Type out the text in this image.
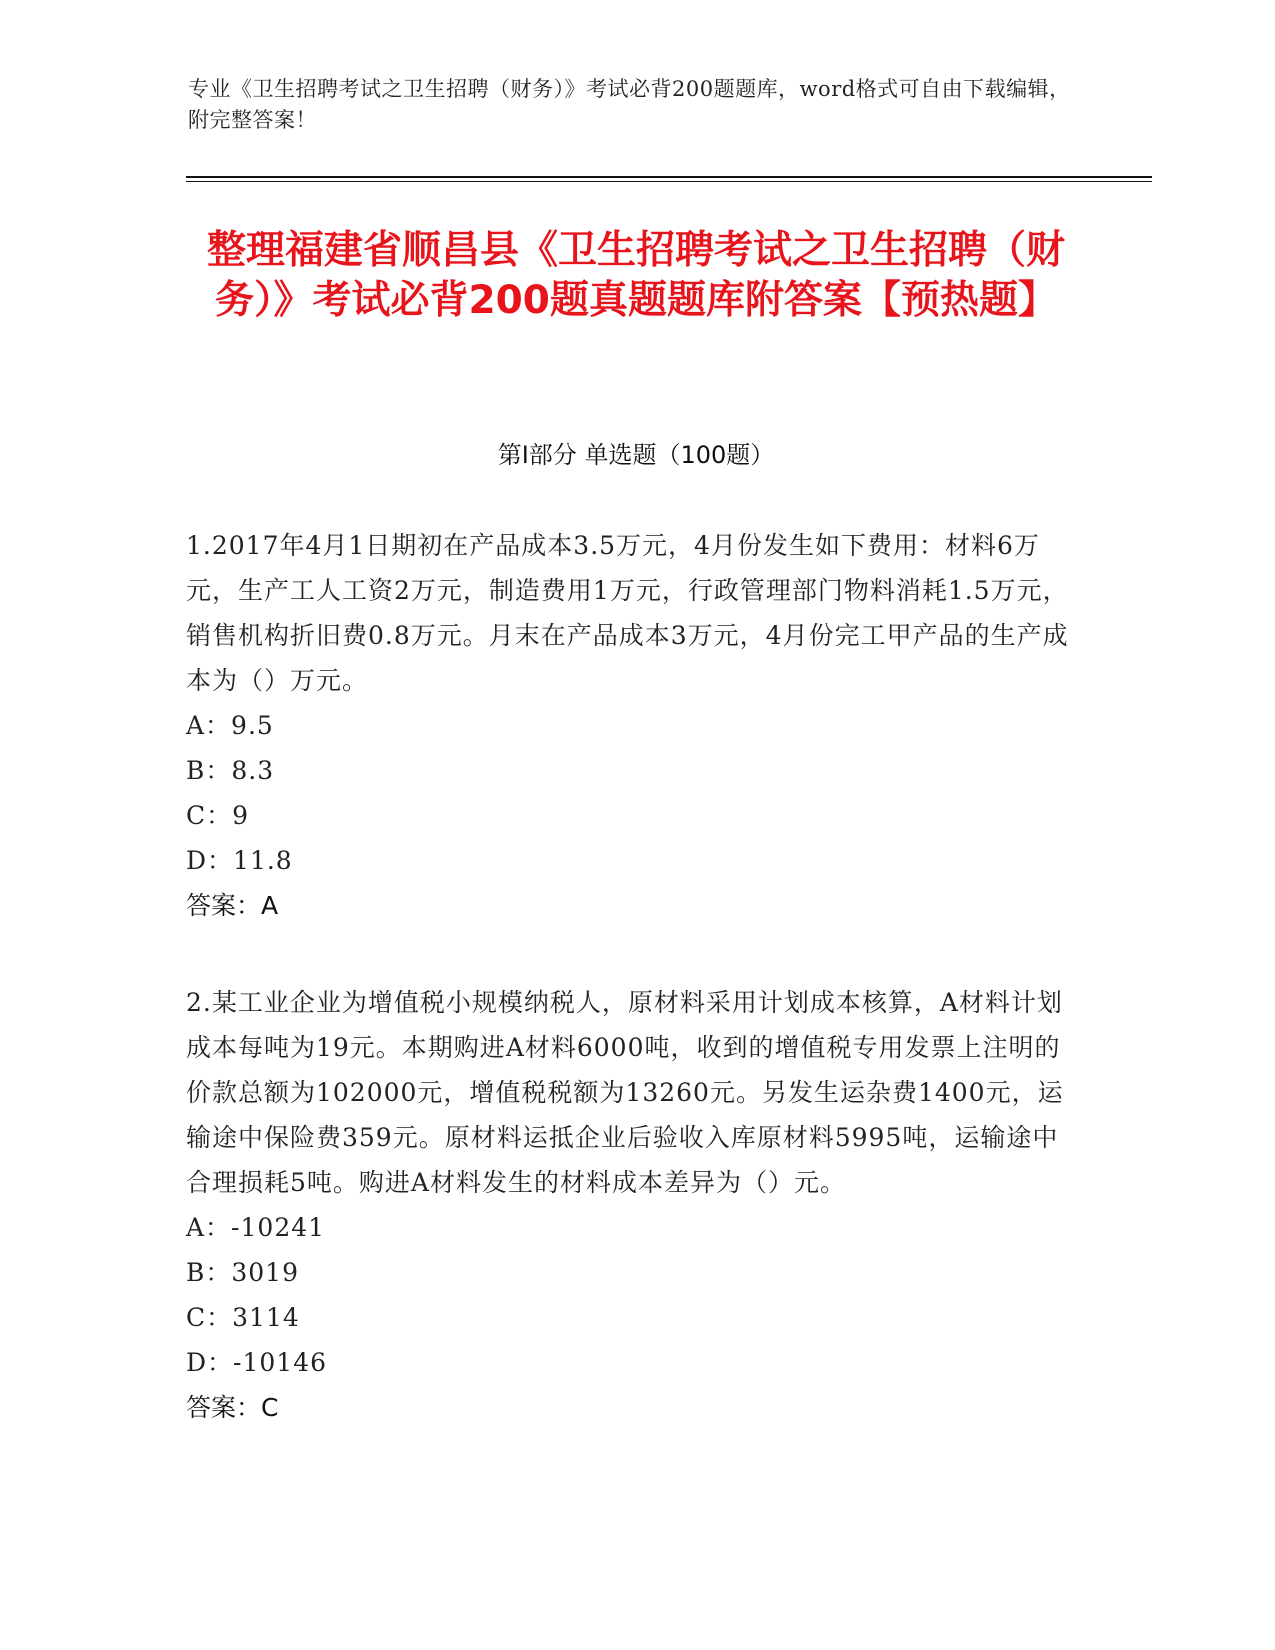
专业《卫生招聘考试之卫生招聘（财务）》考试必背200题题库，word格式可自由下载编辑，附完整答案！
整理福建省顺昌县《卫生招聘考试之卫生招聘（财务）》考试必背200题真题题库附答案【预热题】
第I部分 单选题（100题）
1.2017年4月1日期初在产品成本3.5万元，4月份发生如下费用：材料6万元，生产工人工资2万元，制造费用1万元，行政管理部门物料消耗1.5万元，销售机构折旧费0.8万元。月末在产品成本3万元，4月份完工甲产品的生产成本为（）万元。
A：9.5
B：8.3
C：9
D：11.8
答案：A
2.某工业企业为增值税小规模纳税人，原材料采用计划成本核算，A材料计划成本每吨为19元。本期购进A材料6000吨，收到的增值税专用发票上注明的价款总额为102000元，增值税税额为13260元。另发生运杂费1400元，运输途中保险费359元。原材料运抵企业后验收入库原材料5995吨，运输途中合理损耗5吨。购进A材料发生的材料成本差异为（）元。
A：-10241
B：3019
C：3114
D：-10146
答案：C
